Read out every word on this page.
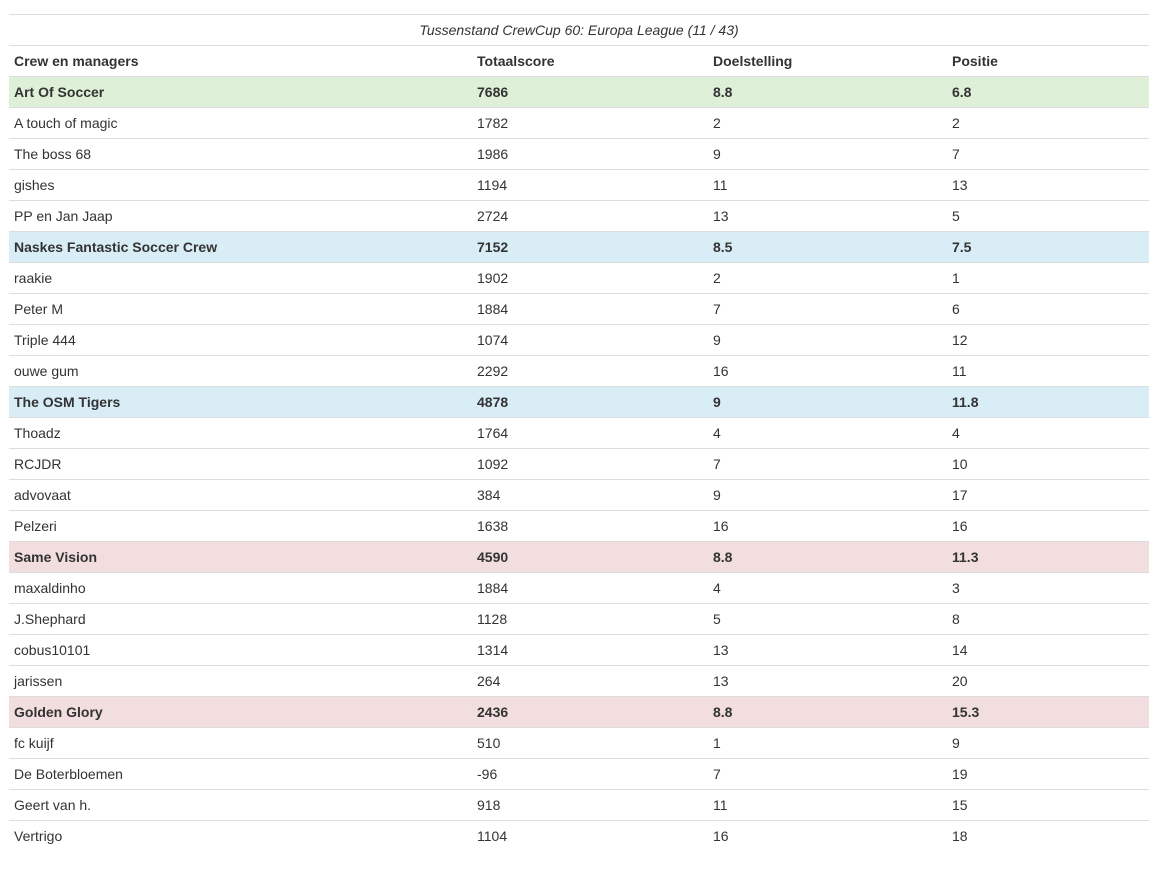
Tussenstand CrewCup 60: Europa League (11 / 43)
Crew en managers	Totaalscore	Doelstelling	Positie
Art Of Soccer	7686	8.8	6.8
A touch of magic	1782	2	2
The boss 68	1986	9	7
gishes	1194	11	13
PP en Jan Jaap	2724	13	5
Naskes Fantastic Soccer Crew	7152	8.5	7.5
raakie	1902	2	1
Peter M	1884	7	6
Triple 444	1074	9	12
ouwe gum	2292	16	11
The OSM Tigers	4878	9	11.8
Thoadz	1764	4	4
RCJDR	1092	7	10
advovaat	384	9	17
Pelzeri	1638	16	16
Same Vision	4590	8.8	11.3
maxaldinho	1884	4	3
J.Shephard	1128	5	8
cobus10101	1314	13	14
jarissen	264	13	20
Golden Glory	2436	8.8	15.3
fc kuijf	510	1	9
De Boterbloemen	-96	7	19
Geert van h.	918	11	15
Vertrigo	1104	16	18
